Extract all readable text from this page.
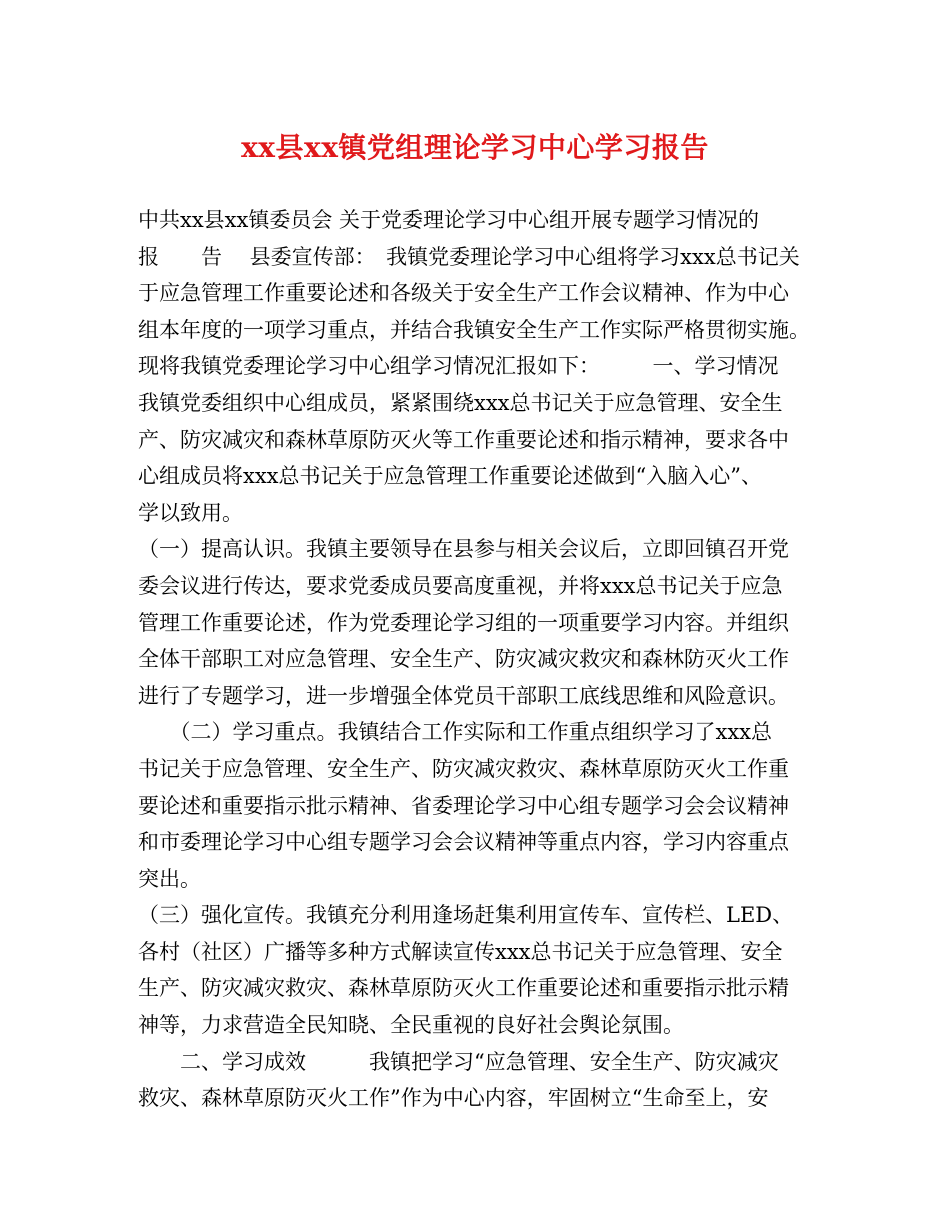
xx县xx镇党组理论学习中心学习报告
中共xx县xx镇委员会 关于党委理论学习中心组开展专题学习情况的
报　　告　 县委宣传部：　我镇党委理论学习中心组将学习xxx总书记关
于应急管理工作重要论述和各级关于安全生产工作会议精神、作为中心
组本年度的一项学习重点，并结合我镇安全生产工作实际严格贯彻实施。
现将我镇党委理论学习中心组学习情况汇报如下：　　　一、学习情况
我镇党委组织中心组成员，紧紧围绕xxx总书记关于应急管理、安全生
产、防灾减灾和森林草原防灭火等工作重要论述和指示精神，要求各中
心组成员将xxx总书记关于应急管理工作重要论述做到“入脑入心”、
学以致用。
（一）提高认识。我镇主要领导在县参与相关会议后，立即回镇召开党
委会议进行传达，要求党委成员要高度重视，并将xxx总书记关于应急
管理工作重要论述，作为党委理论学习组的一项重要学习内容。并组织
全体干部职工对应急管理、安全生产、防灾减灾救灾和森林防灭火工作
进行了专题学习，进一步增强全体党员干部职工底线思维和风险意识。
　　（二）学习重点。我镇结合工作实际和工作重点组织学习了xxx总
书记关于应急管理、安全生产、防灾减灾救灾、森林草原防灭火工作重
要论述和重要指示批示精神、省委理论学习中心组专题学习会会议精神
和市委理论学习中心组专题学习会会议精神等重点内容，学习内容重点
突出。
（三）强化宣传。我镇充分利用逢场赶集利用宣传车、宣传栏、LED、
各村（社区）广播等多种方式解读宣传xxx总书记关于应急管理、安全
生产、防灾减灾救灾、森林草原防灭火工作重要论述和重要指示批示精
神等，力求营造全民知晓、全民重视的良好社会舆论氛围。
　　二、学习成效　　　我镇把学习“应急管理、安全生产、防灾减灾
救灾、森林草原防灭火工作”作为中心内容，牢固树立“生命至上，安
